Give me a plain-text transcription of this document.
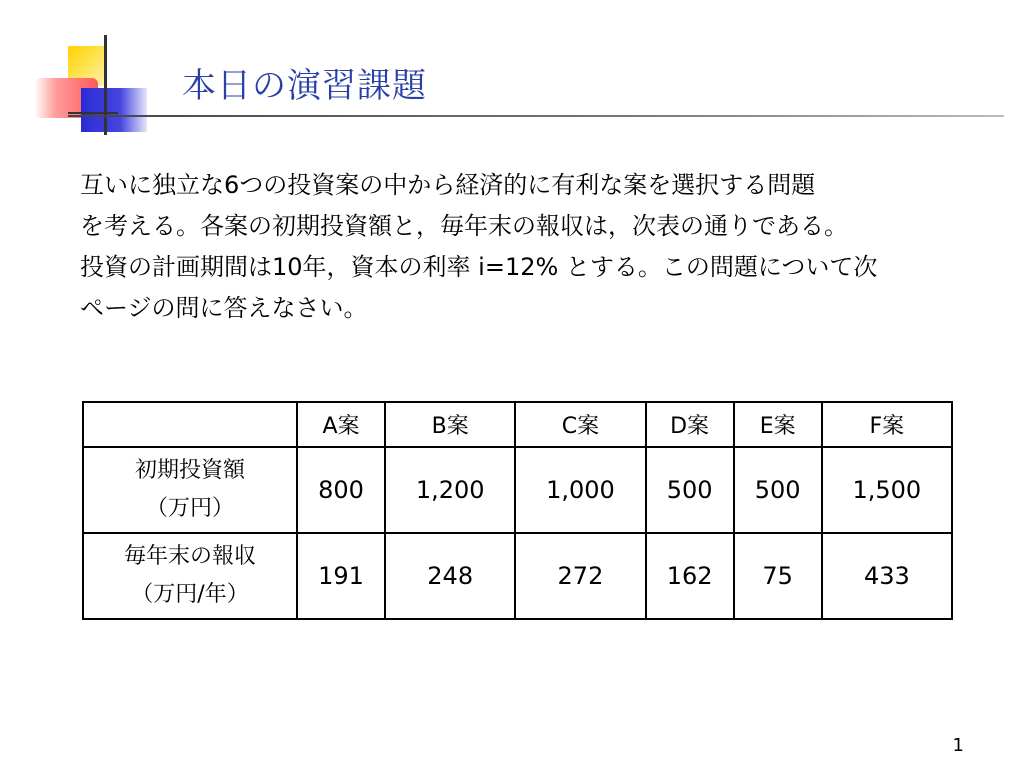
本日の演習課題
互いに独立な6つの投資案の中から経済的に有利な案を選択する問題
を考える。各案の初期投資額と，毎年末の報収は，次表の通りである。
投資の計画期間は10年，資本の利率 i=12% とする。この問題について次
ページの問に答えなさい。
	A案	B案	C案	D案	E案	F案

初期投資額
（万円）	800	1,200	1,000	500	500	1,500

毎年末の報収
（万円/年）	191	248	272	162	75	433
1
